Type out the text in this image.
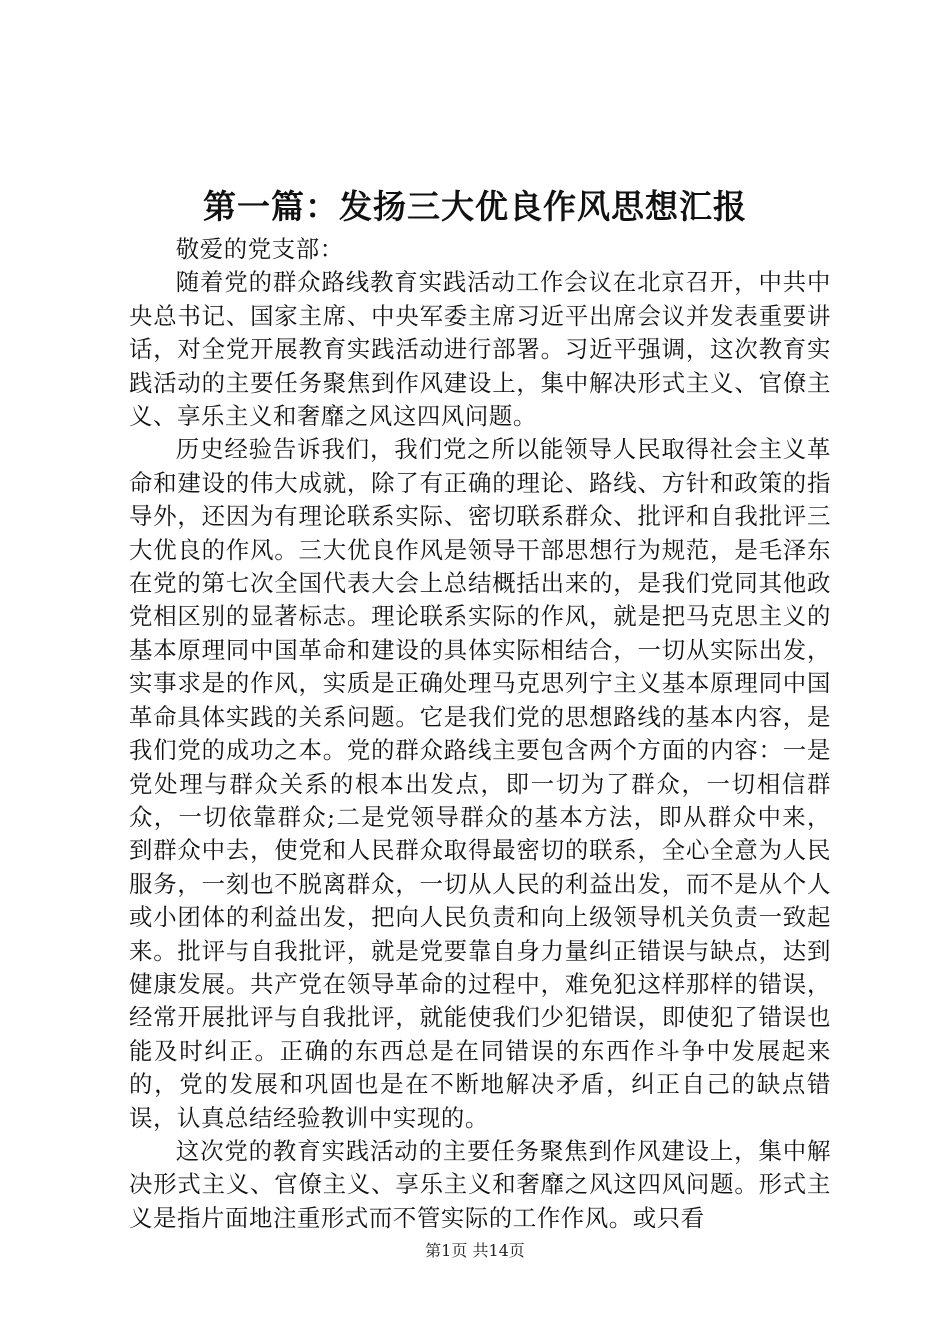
第一篇：发扬三大优良作风思想汇报

敬爱的党支部：

随着党的群众路线教育实践活动工作会议在北京召开，中共中央总书记、国家主席、中央军委主席习近平出席会议并发表重要讲话，对全党开展教育实践活动进行部署。习近平强调，这次教育实践活动的主要任务聚焦到作风建设上，集中解决形式主义、官僚主义、享乐主义和奢靡之风这四风问题。

历史经验告诉我们，我们党之所以能领导人民取得社会主义革命和建设的伟大成就，除了有正确的理论、路线、方针和政策的指导外，还因为有理论联系实际、密切联系群众、批评和自我批评三大优良的作风。三大优良作风是领导干部思想行为规范，是毛泽东在党的第七次全国代表大会上总结概括出来的，是我们党同其他政党相区别的显著标志。理论联系实际的作风，就是把马克思主义的基本原理同中国革命和建设的具体实际相结合，一切从实际出发，实事求是的作风，实质是正确处理马克思列宁主义基本原理同中国革命具体实践的关系问题。它是我们党的思想路线的基本内容，是我们党的成功之本。党的群众路线主要包含两个方面的内容：一是党处理与群众关系的根本出发点，即一切为了群众，一切相信群众，一切依靠群众;二是党领导群众的基本方法，即从群众中来，到群众中去，使党和人民群众取得最密切的联系，全心全意为人民服务，一刻也不脱离群众，一切从人民的利益出发，而不是从个人或小团体的利益出发，把向人民负责和向上级领导机关负责一致起来。批评与自我批评，就是党要靠自身力量纠正错误与缺点，达到健康发展。共产党在领导革命的过程中，难免犯这样那样的错误，经常开展批评与自我批评，就能使我们少犯错误，即使犯了错误也能及时纠正。正确的东西总是在同错误的东西作斗争中发展起来的，党的发展和巩固也是在不断地解决矛盾，纠正自己的缺点错误，认真总结经验教训中实现的。

这次党的教育实践活动的主要任务聚焦到作风建设上，集中解决形式主义、官僚主义、享乐主义和奢靡之风这四风问题。形式主义是指片面地注重形式而不管实际的工作作风。或只看

第1页 共14页
